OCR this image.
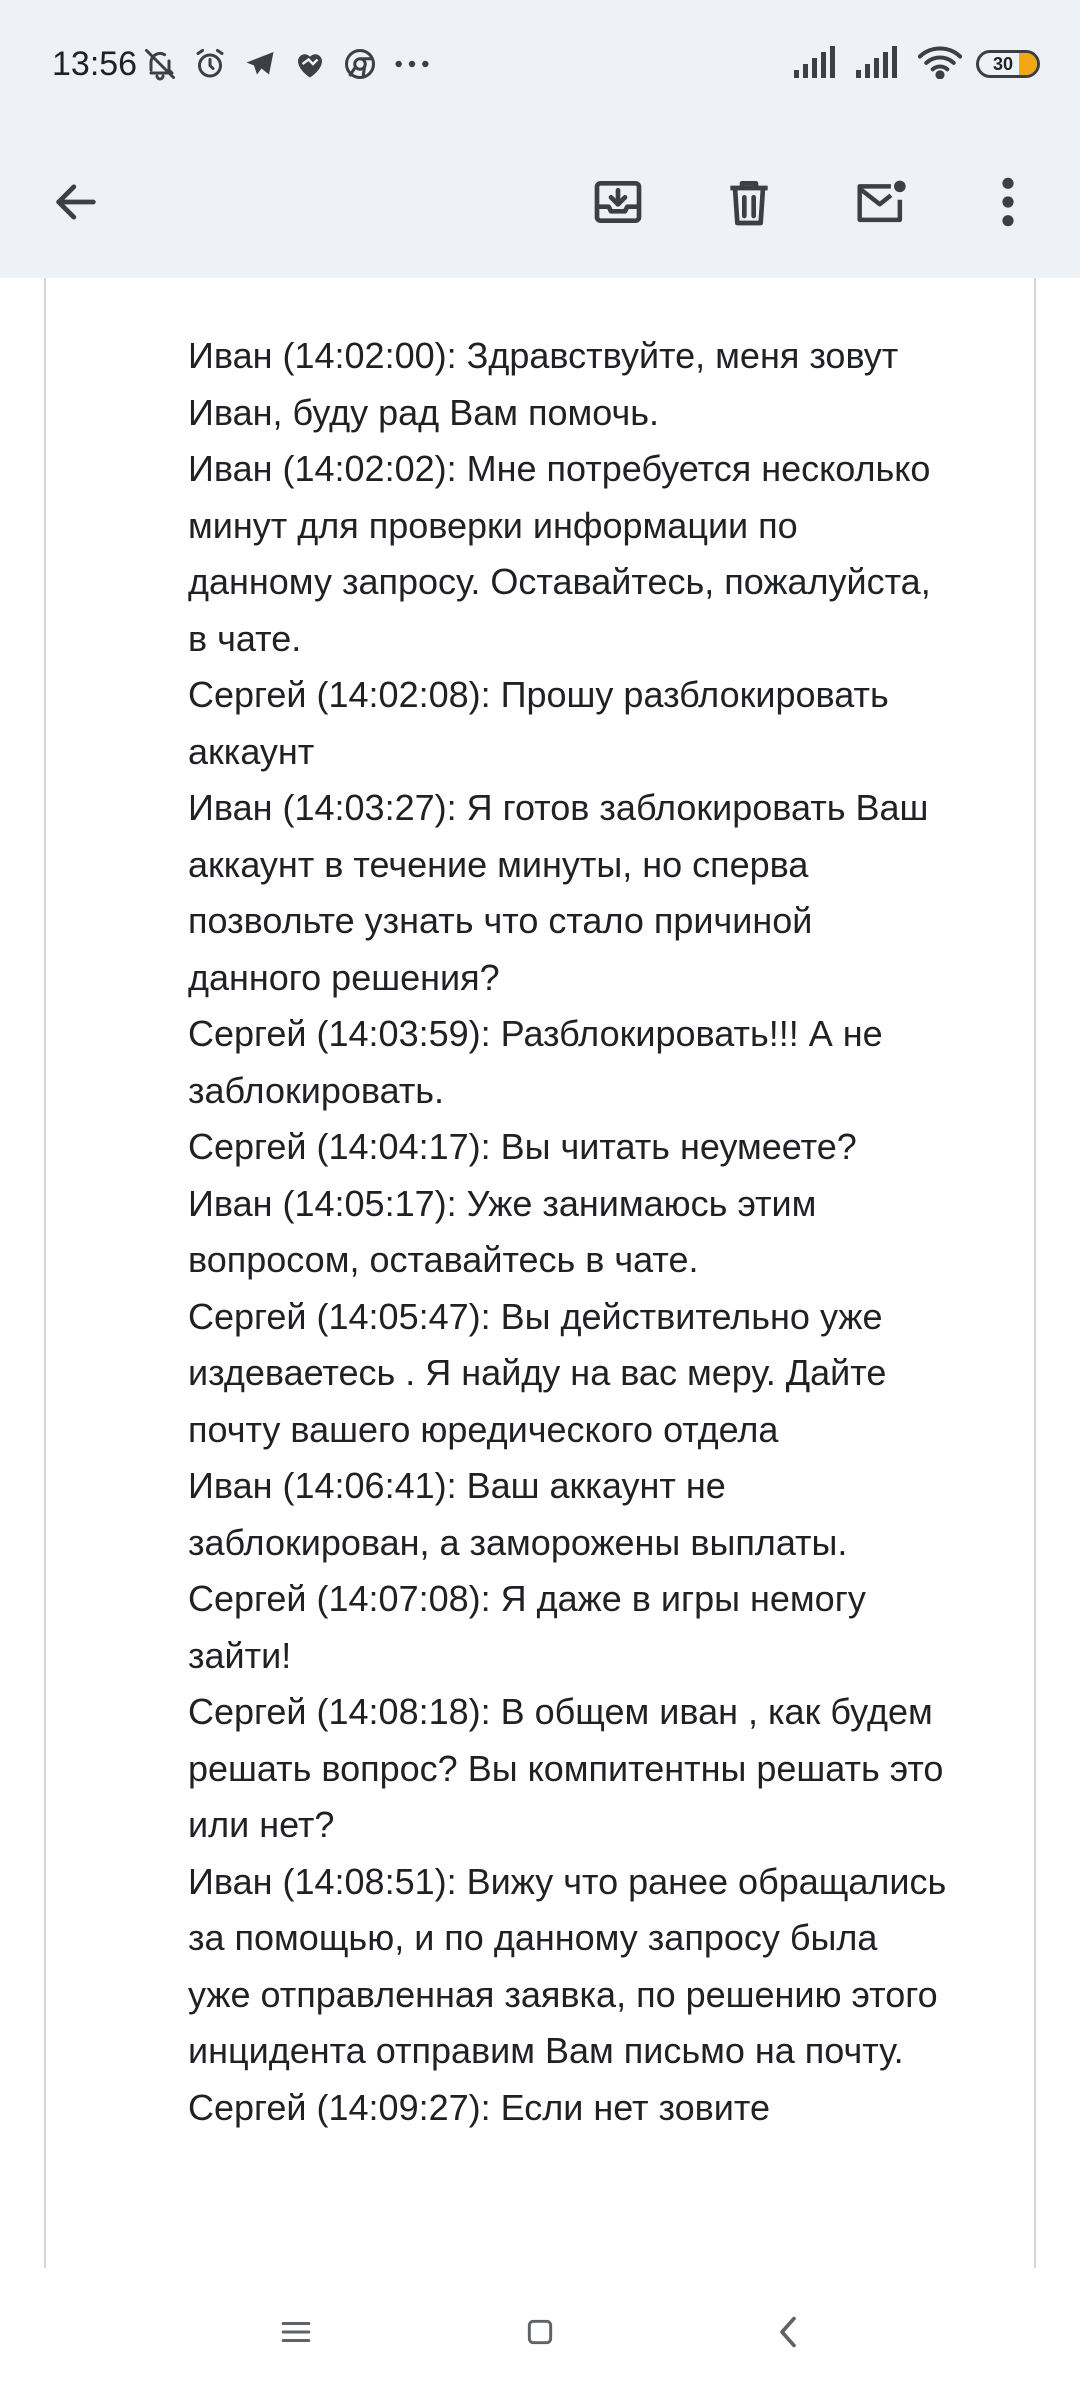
13:56	30
Иван (14:02:00): Здравствуйте, меня зовут Иван, буду рад Вам помочь.
Иван (14:02:02): Мне потребуется несколько минут для проверки информации по данному запросу. Оставайтесь, пожалуйста, в чате.
Сергей (14:02:08): Прошу разблокировать аккаунт
Иван (14:03:27): Я готов заблокировать Ваш аккаунт в течение минуты, но сперва позвольте узнать что стало причиной данного решения?
Сергей (14:03:59): Разблокировать!!! А не заблокировать.
Сергей (14:04:17): Вы читать неумеете?
Иван (14:05:17): Уже занимаюсь этим вопросом, оставайтесь в чате.
Сергей (14:05:47): Вы действительно уже издеваетесь . Я найду на вас меру. Дайте почту вашего юредического отдела
Иван (14:06:41): Ваш аккаунт не заблокирован, а заморожены выплаты.
Сергей (14:07:08): Я даже в игры немогу зайти!
Сергей (14:08:18): В общем иван , как будем решать вопрос? Вы компитентны решать это или нет?
Иван (14:08:51): Вижу что ранее обращались за помощью, и по данному запросу была уже отправленная заявка, по решению этого инцидента отправим Вам письмо на почту.
Сергей (14:09:27): Если нет зовите
